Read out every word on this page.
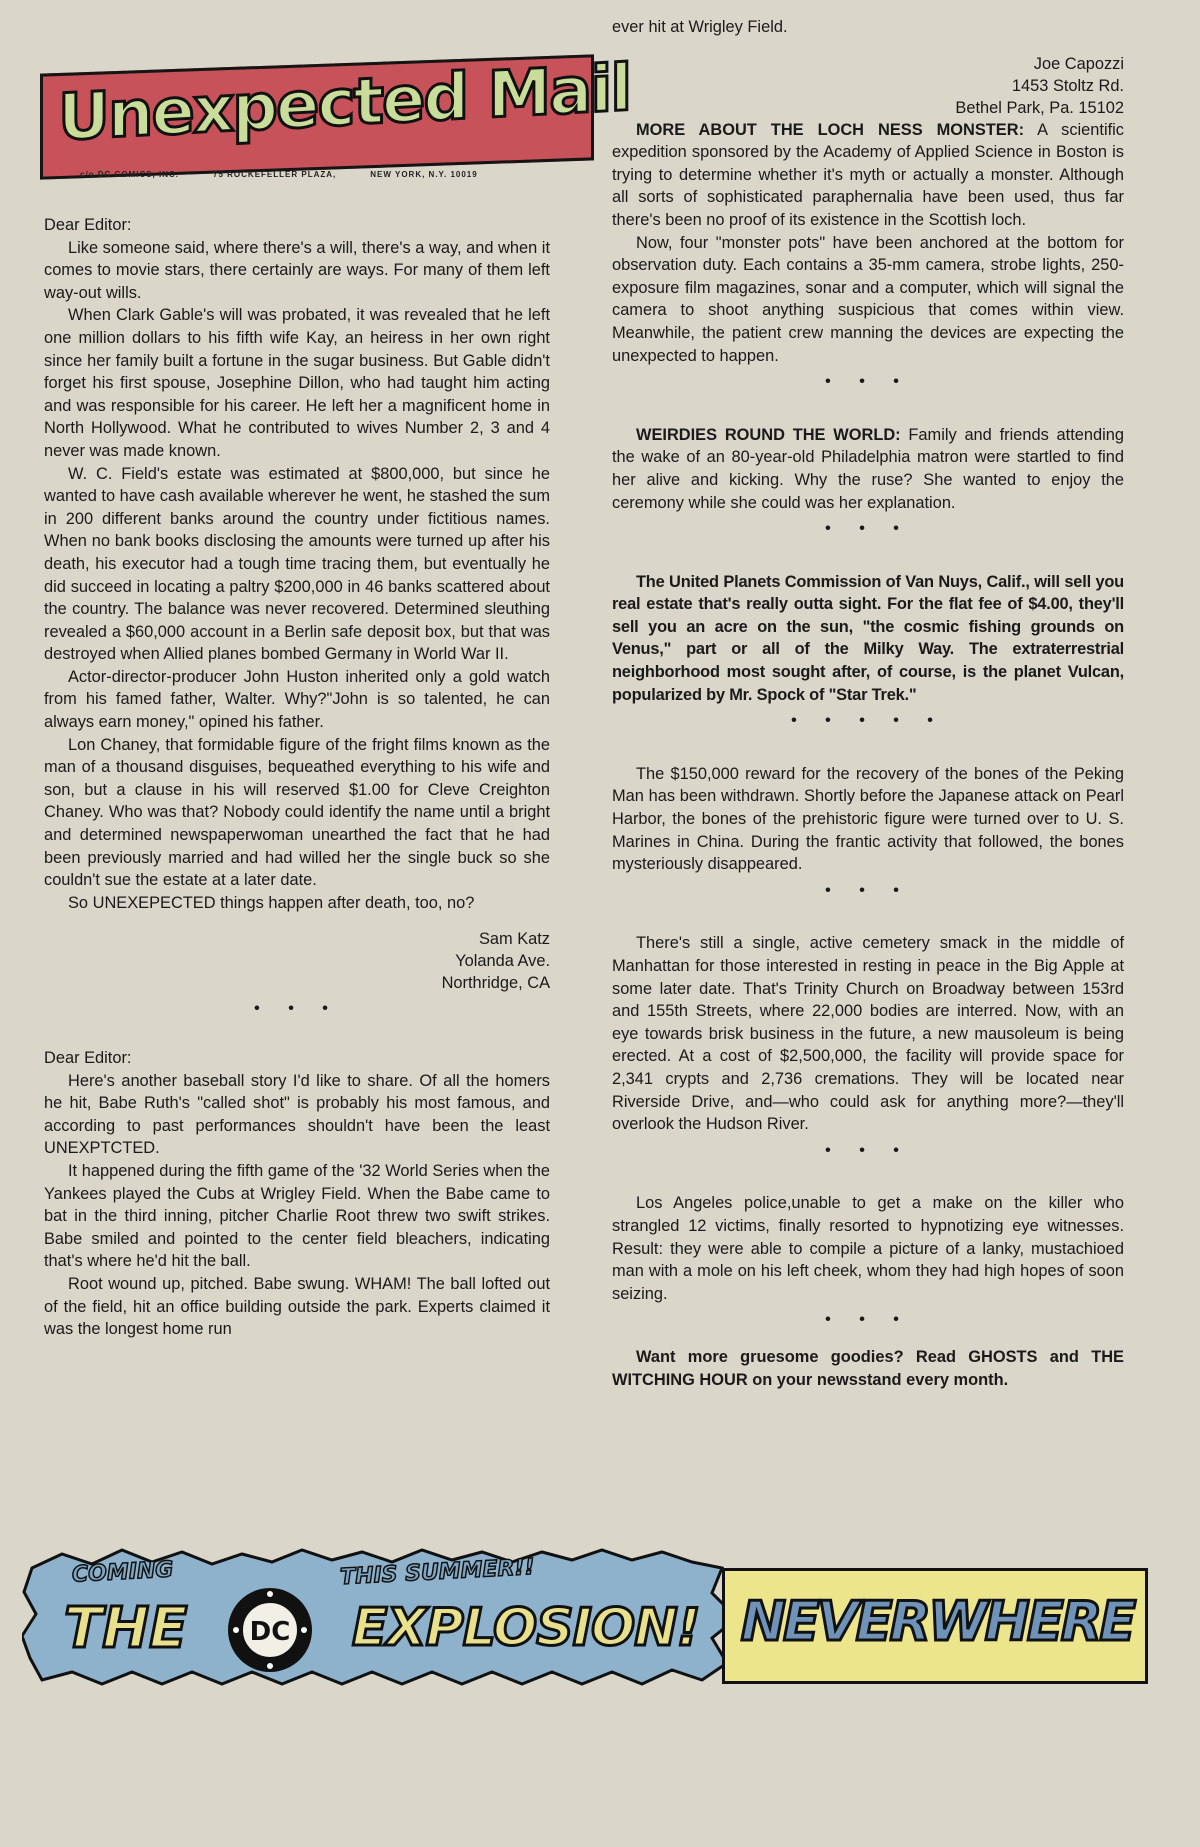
Unexpected Mail
c/o DC COMICS, INC.	75 ROCKEFELLER PLAZA,	NEW YORK, N.Y. 10019

Dear Editor:

Like someone said, where there's a will, there's a way, and when it comes to movie stars, there certainly are ways. For many of them left way-out wills.

When Clark Gable's will was probated, it was revealed that he left one million dollars to his fifth wife Kay, an heiress in her own right since her family built a fortune in the sugar business. But Gable didn't forget his first spouse, Josephine Dillon, who had taught him acting and was responsible for his career. He left her a magnificent home in North Hollywood. What he contributed to wives Number 2, 3 and 4 never was made known.

W. C. Field's estate was estimated at $800,000, but since he wanted to have cash available wherever he went, he stashed the sum in 200 different banks around the country under fictitious names. When no bank books disclosing the amounts were turned up after his death, his executor had a tough time tracing them, but eventually he did succeed in locating a paltry $200,000 in 46 banks scattered about the country. The balance was never recovered. Determined sleuthing revealed a $60,000 account in a Berlin safe deposit box, but that was destroyed when Allied planes bombed Germany in World War II.

Actor-director-producer John Huston inherited only a gold watch from his famed father, Walter. Why?"John is so talented, he can always earn money," opined his father.

Lon Chaney, that formidable figure of the fright films known as the man of a thousand disguises, bequeathed everything to his wife and son, but a clause in his will reserved $1.00 for Cleve Creighton Chaney. Who was that? Nobody could identify the name until a bright and determined newspaperwoman unearthed the fact that he had been previously married and had willed her the single buck so she couldn't sue the estate at a later date.

So UNEXEPECTED things happen after death, too, no?

Sam Katz

Yolanda Ave.

Northridge, CA

• • •

Dear Editor:

Here's another baseball story I'd like to share. Of all the homers he hit, Babe Ruth's "called shot" is probably his most famous, and according to past performances shouldn't have been the least UNEXPTCTED.

It happened during the fifth game of the '32 World Series when the Yankees played the Cubs at Wrigley Field. When the Babe came to bat in the third inning, pitcher Charlie Root threw two swift strikes. Babe smiled and pointed to the center field bleachers, indicating that's where he'd hit the ball.

Root wound up, pitched. Babe swung. WHAM! The ball lofted out of the field, hit an office building outside the park. Experts claimed it was the longest home run

ever hit at Wrigley Field.

Joe Capozzi

1453 Stoltz Rd.

Bethel Park, Pa. 15102

MORE ABOUT THE LOCH NESS MONSTER: A scientific expedition sponsored by the Academy of Applied Science in Boston is trying to determine whether it's myth or actually a monster. Although all sorts of sophisticated paraphernalia have been used, thus far there's been no proof of its existence in the Scottish loch.

Now, four "monster pots" have been anchored at the bottom for observation duty. Each contains a 35-mm camera, strobe lights, 250-exposure film magazines, sonar and a computer, which will signal the camera to shoot anything suspicious that comes within view. Meanwhile, the patient crew manning the devices are expecting the unexpected to happen.

• • •

WEIRDIES ROUND THE WORLD: Family and friends attending the wake of an 80-year-old Philadelphia matron were startled to find her alive and kicking. Why the ruse? She wanted to enjoy the ceremony while she could was her explanation.

• • •

The United Planets Commission of Van Nuys, Calif., will sell you real estate that's really outta sight. For the flat fee of $4.00, they'll sell you an acre on the sun, "the cosmic fishing grounds on Venus," part or all of the Milky Way. The extraterrestrial neighborhood most sought after, of course, is the planet Vulcan, popularized by Mr. Spock of "Star Trek."

• • • • •

The $150,000 reward for the recovery of the bones of the Peking Man has been withdrawn. Shortly before the Japanese attack on Pearl Harbor, the bones of the prehistoric figure were turned over to U. S. Marines in China. During the frantic activity that followed, the bones mysteriously disappeared.

• • •

There's still a single, active cemetery smack in the middle of Manhattan for those interested in resting in peace in the Big Apple at some later date. That's Trinity Church on Broadway between 153rd and 155th Streets, where 22,000 bodies are interred. Now, with an eye towards brisk business in the future, a new mausoleum is being erected. At a cost of $2,500,000, the facility will provide space for 2,341 crypts and 2,736 cremations. They will be located near Riverside Drive, and—who could ask for anything more?—they'll overlook the Hudson River.

• • •

Los Angeles police,unable to get a make on the killer who strangled 12 victims, finally resorted to hypnotizing eye witnesses. Result: they were able to compile a picture of a lanky, mustachioed man with a mole on his left cheek, whom they had high hopes of soon seizing.

• • •

Want more gruesome goodies? Read GHOSTS and THE WITCHING HOUR on your newsstand every month.

COMING	THIS SUMMER!!
THE DC EXPLOSION! NEVERWHERE
